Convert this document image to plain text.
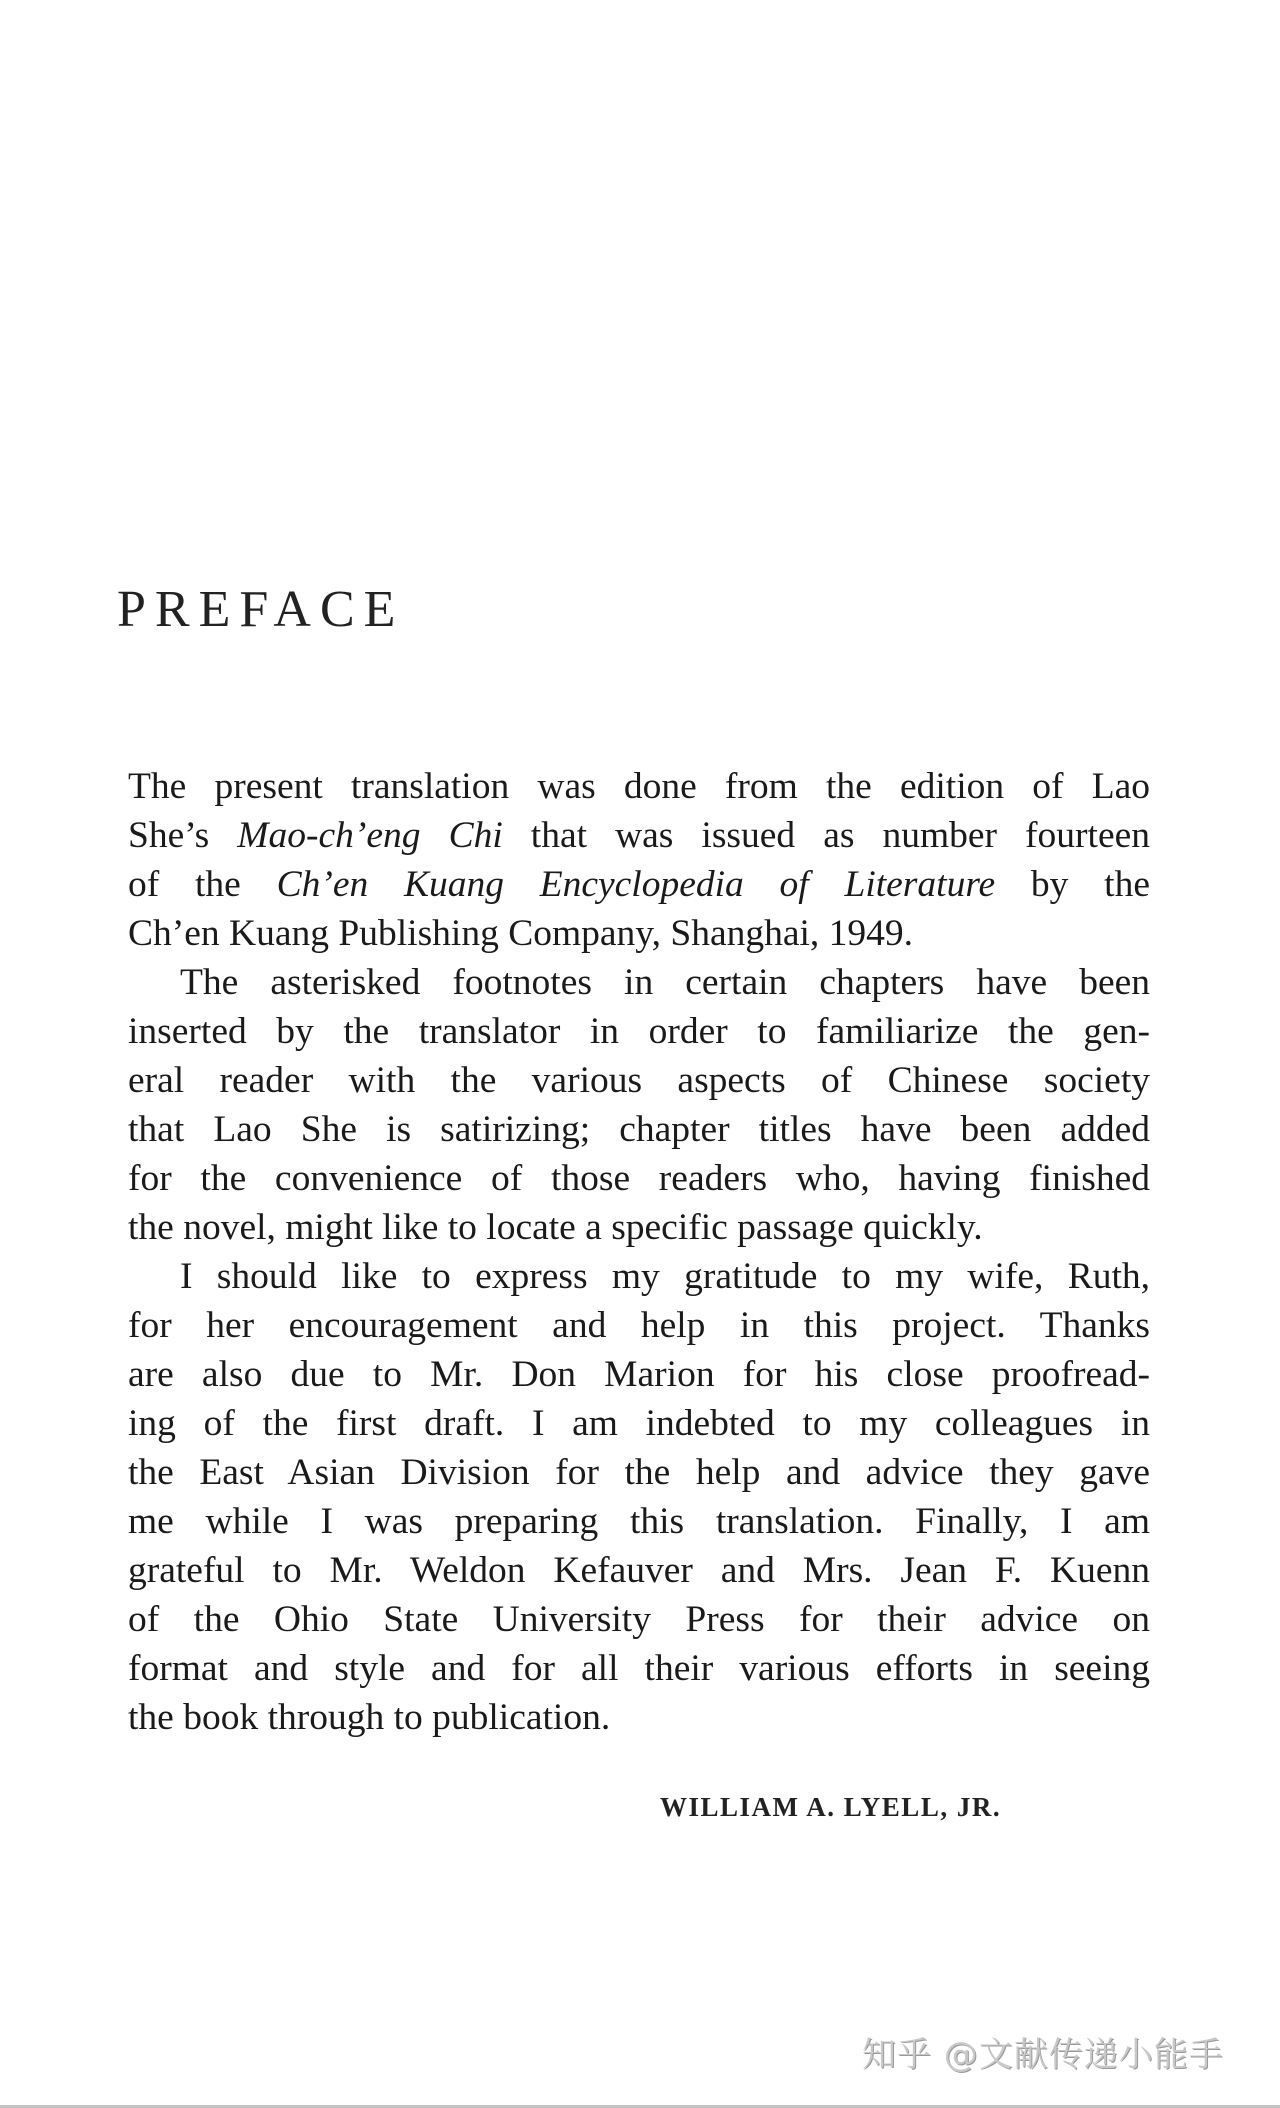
PREFACE
The present translation was done from the edition of Lao
She’s Mao-ch’eng Chi that was issued as number fourteen
of the Ch’en Kuang Encyclopedia of Literature by the
Ch’en Kuang Publishing Company, Shanghai, 1949.
The asterisked footnotes in certain chapters have been
inserted by the translator in order to familiarize the gen-
eral reader with the various aspects of Chinese society
that Lao She is satirizing; chapter titles have been added
for the convenience of those readers who, having finished
the novel, might like to locate a specific passage quickly.
I should like to express my gratitude to my wife, Ruth,
for her encouragement and help in this project. Thanks
are also due to Mr. Don Marion for his close proofread-
ing of the first draft. I am indebted to my colleagues in
the East Asian Division for the help and advice they gave
me while I was preparing this translation. Finally, I am
grateful to Mr. Weldon Kefauver and Mrs. Jean F. Kuenn
of the Ohio State University Press for their advice on
format and style and for all their various efforts in seeing
the book through to publication.
WILLIAM A. LYELL, JR.
知乎 @文献传递小能手
